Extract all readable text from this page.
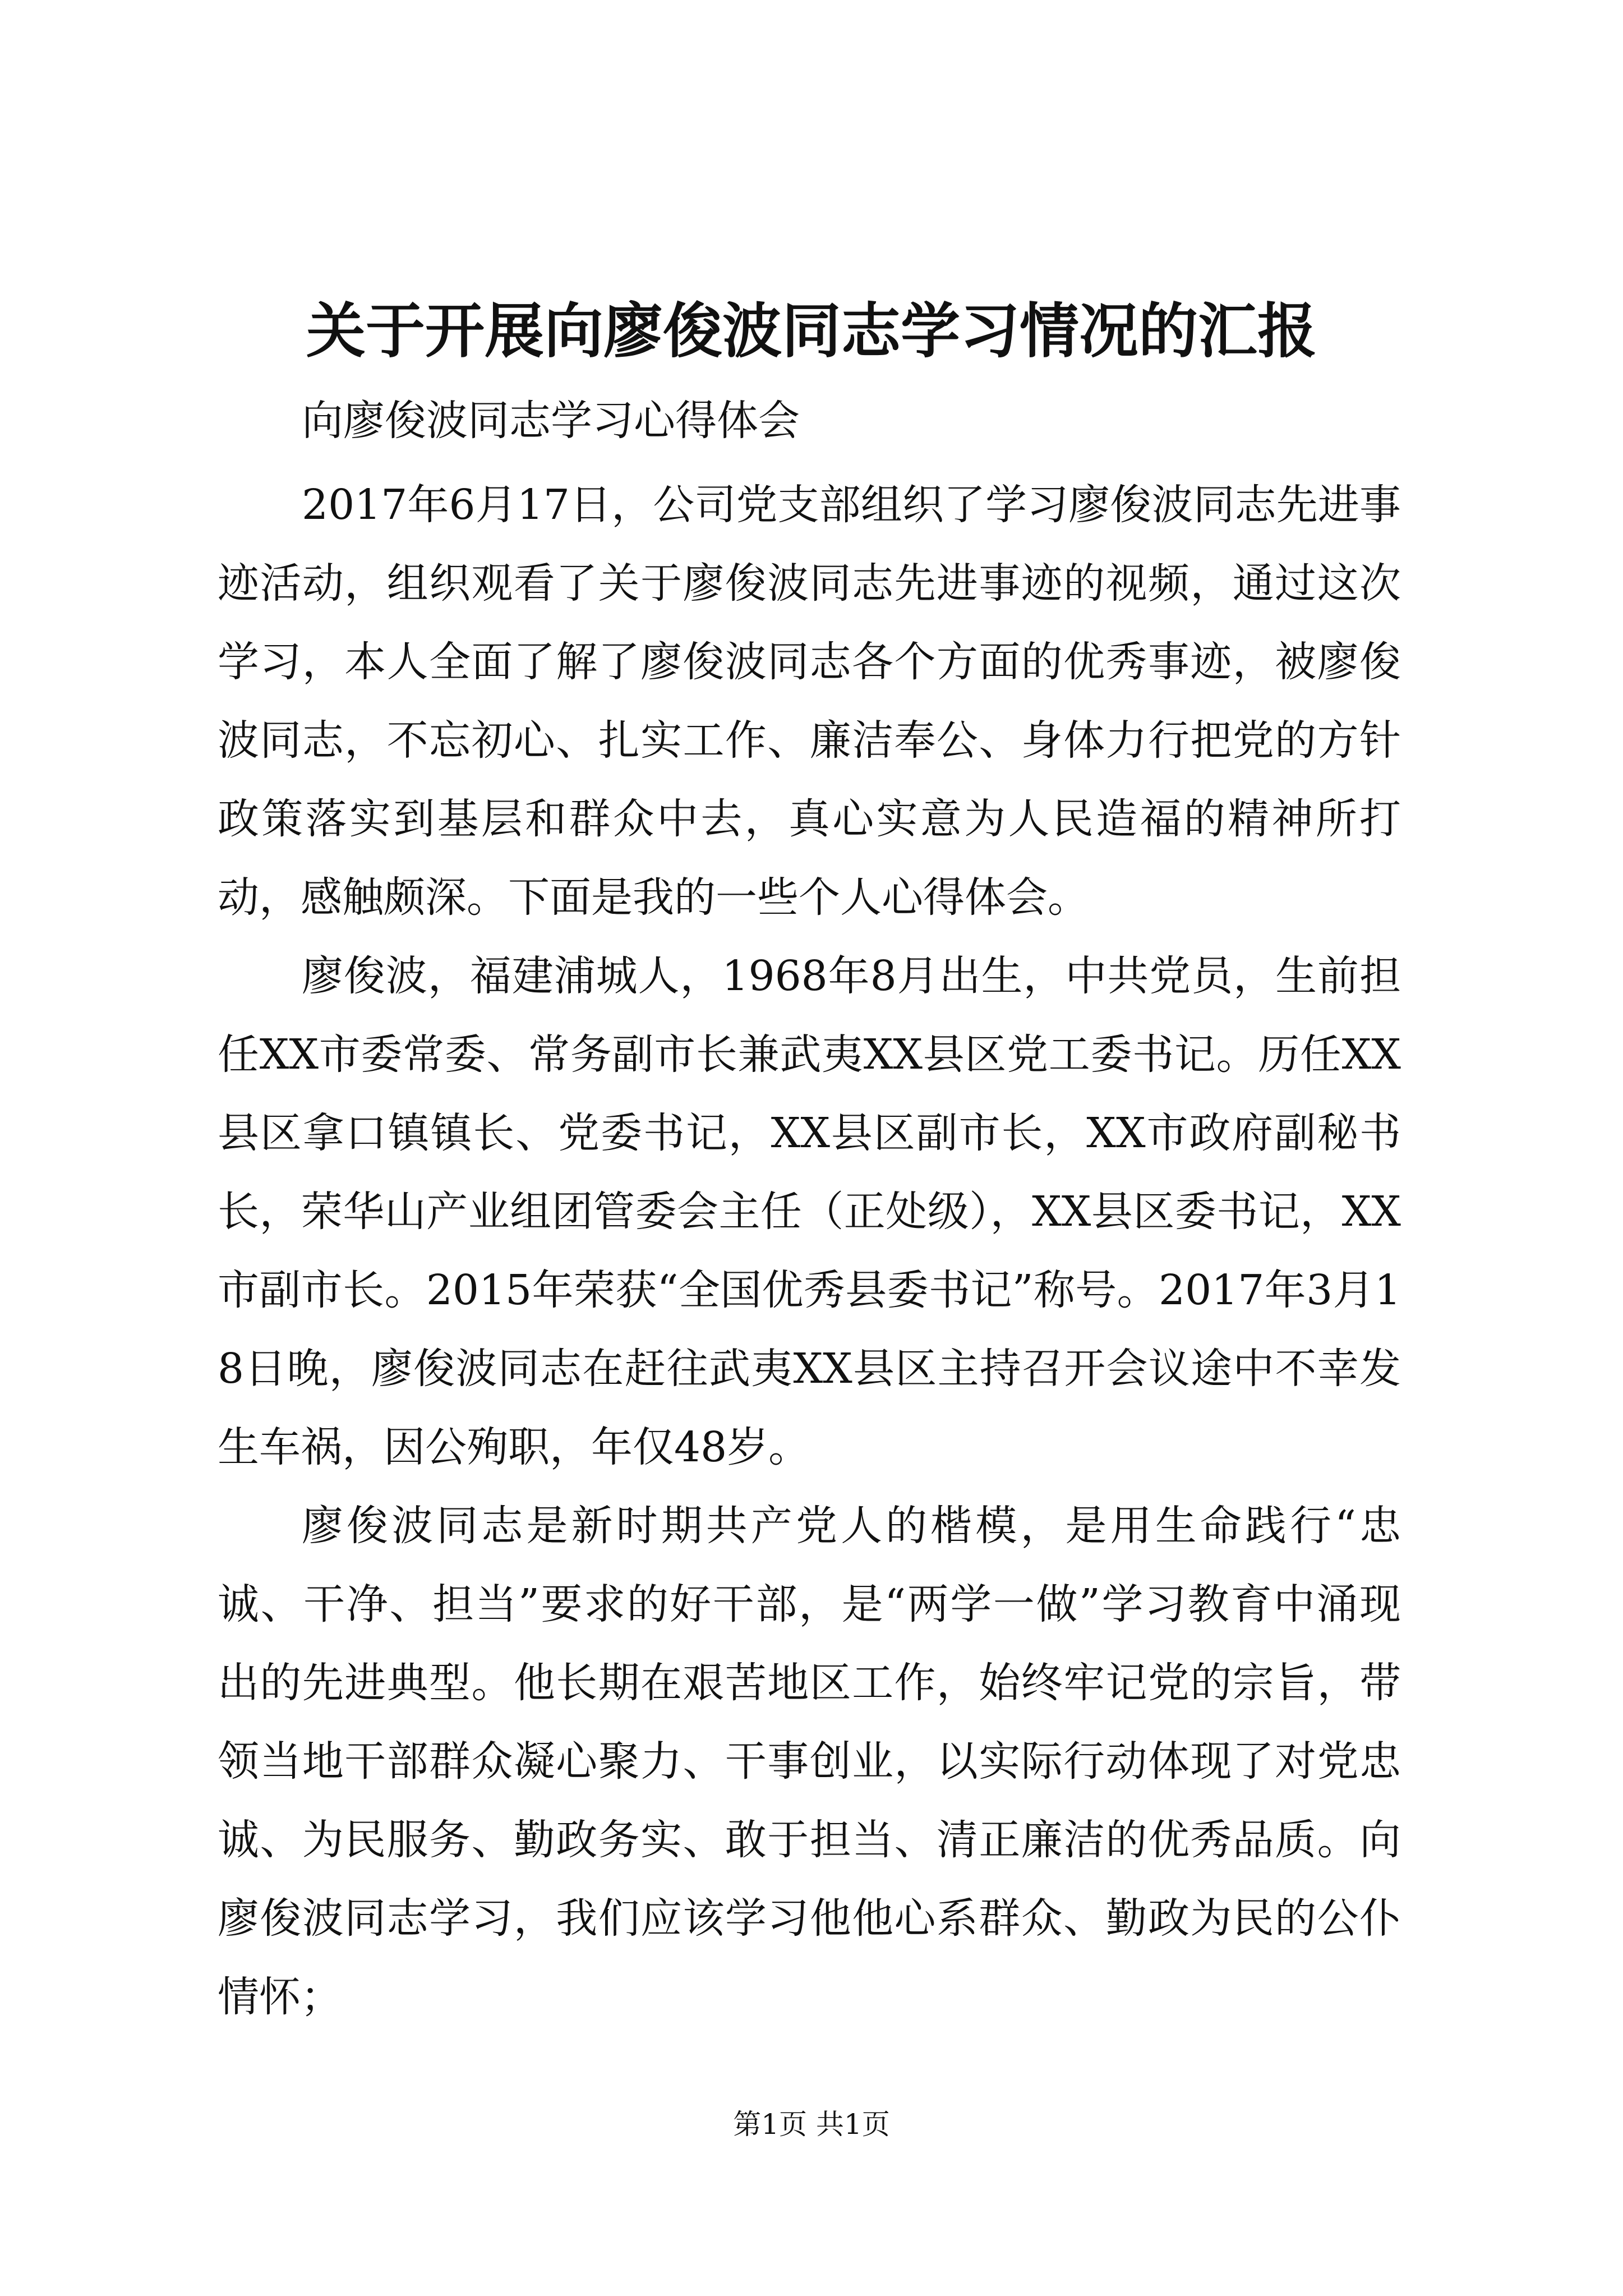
关于开展向廖俊波同志学习情况的汇报
向廖俊波同志学习心得体会

2017年6月17日，公司党支部组织了学习廖俊波同志先进事迹活动，组织观看了关于廖俊波同志先进事迹的视频，通过这次学习，本人全面了解了廖俊波同志各个方面的优秀事迹，被廖俊波同志，不忘初心、扎实工作、廉洁奉公、身体力行把党的方针政策落实到基层和群众中去，真心实意为人民造福的精神所打动，感触颇深。下面是我的一些个人心得体会。

廖俊波，福建浦城人，1968年8月出生，中共党员，生前担任XX市委常委、常务副市长兼武夷XX县区党工委书记。历任XX县区拿口镇镇长、党委书记，XX县区副市长，XX市政府副秘书长，荣华山产业组团管委会主任（正处级），XX县区委书记，XX市副市长。2015年荣获“全国优秀县委书记”称号。2017年3月18日晚，廖俊波同志在赶往武夷XX县区主持召开会议途中不幸发生车祸，因公殉职，年仅48岁。

廖俊波同志是新时期共产党人的楷模，是用生命践行“忠诚、干净、担当”要求的好干部，是“两学一做”学习教育中涌现出的先进典型。他长期在艰苦地区工作，始终牢记党的宗旨，带领当地干部群众凝心聚力、干事创业，以实际行动体现了对党忠诚、为民服务、勤政务实、敢于担当、清正廉洁的优秀品质。向廖俊波同志学习，我们应该学习他他心系群众、勤政为民的公仆情怀；

第1页 共1页
